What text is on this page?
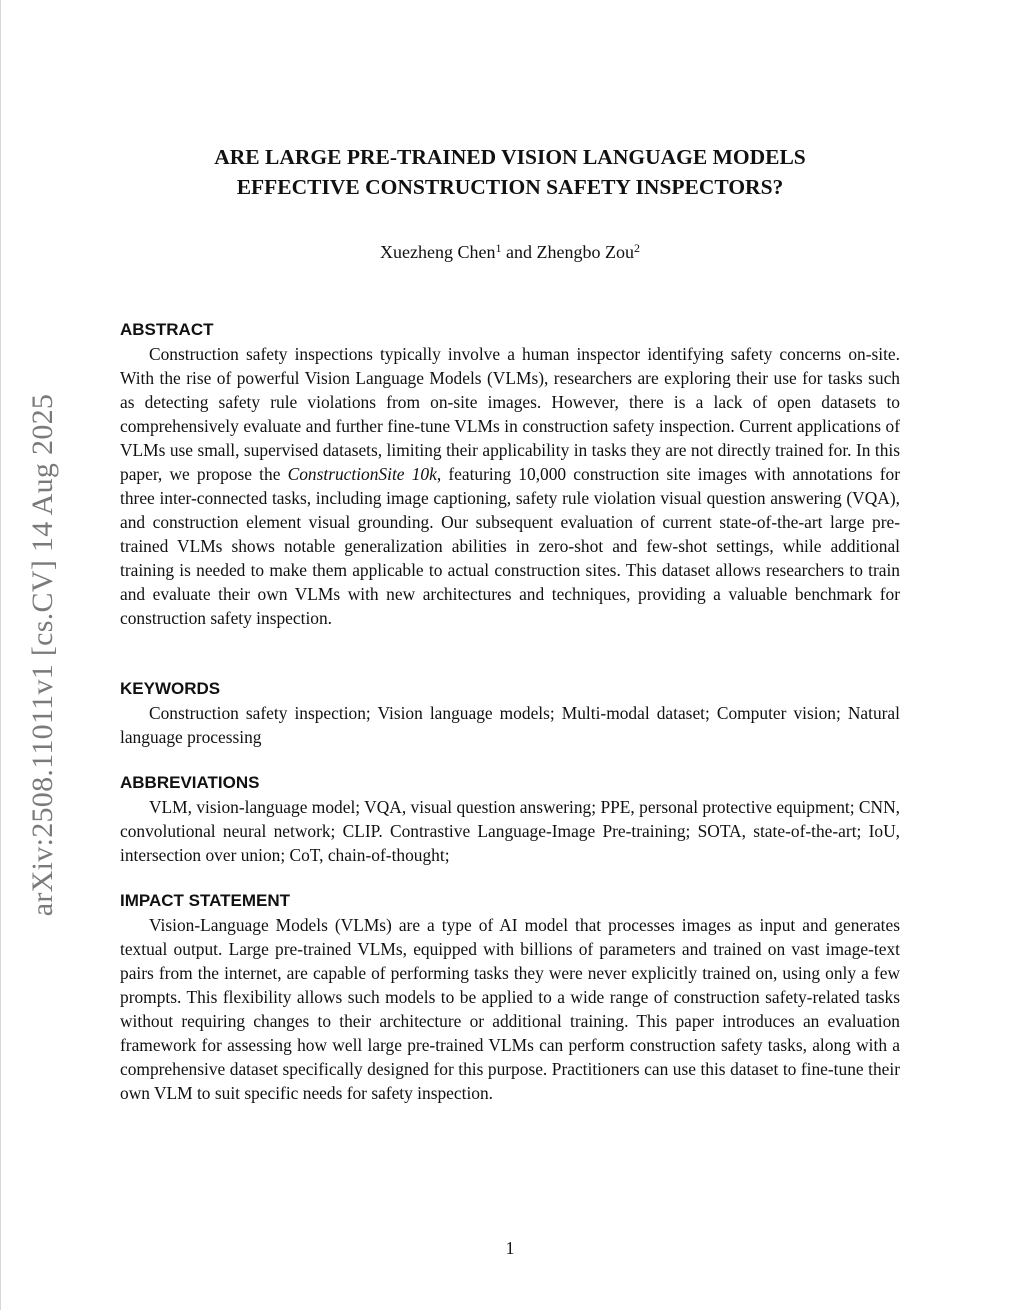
arXiv:2508.11011v1 [cs.CV] 14 Aug 2025
ARE LARGE PRE-TRAINED VISION LANGUAGE MODELS
EFFECTIVE CONSTRUCTION SAFETY INSPECTORS?
Xuezheng Chen$^1$ and Zhengbo Zou$^2$
ABSTRACT

Construction safety inspections typically involve a human inspector identifying safety concerns on-site. With the rise of powerful Vision Language Models (VLMs), researchers are exploring their use for tasks such as detecting safety rule violations from on-site images. However, there is a lack of open datasets to comprehensively evaluate and further fine-tune VLMs in construction safety inspection. Current applications of VLMs use small, supervised datasets, limiting their applicability in tasks they are not directly trained for. In this paper, we propose the ConstructionSite 10k, featuring 10,000 construction site images with annotations for three inter-connected tasks, including image captioning, safety rule violation visual question answering (VQA), and construction element visual grounding. Our subsequent evaluation of current state-of-the-art large pre-trained VLMs shows notable generalization abilities in zero-shot and few-shot settings, while additional training is needed to make them applicable to actual construction sites. This dataset allows researchers to train and evaluate their own VLMs with new architectures and techniques, providing a valuable benchmark for construction safety inspection.

KEYWORDS

Construction safety inspection; Vision language models; Multi-modal dataset; Computer vision; Natural language processing

ABBREVIATIONS

VLM, vision-language model; VQA, visual question answering; PPE, personal protective equipment; CNN, convolutional neural network; CLIP. Contrastive Language-Image Pre-training; SOTA, state-of-the-art; IoU, intersection over union; CoT, chain-of-thought;

IMPACT STATEMENT

Vision-Language Models (VLMs) are a type of AI model that processes images as input and generates textual output. Large pre-trained VLMs, equipped with billions of parameters and trained on vast image-text pairs from the internet, are capable of performing tasks they were never explicitly trained on, using only a few prompts. This flexibility allows such models to be applied to a wide range of construction safety-related tasks without requiring changes to their architecture or additional training. This paper introduces an evaluation framework for assessing how well large pre-trained VLMs can perform construction safety tasks, along with a comprehensive dataset specifically designed for this purpose. Practitioners can use this dataset to fine-tune their own VLM to suit specific needs for safety inspection.

1
